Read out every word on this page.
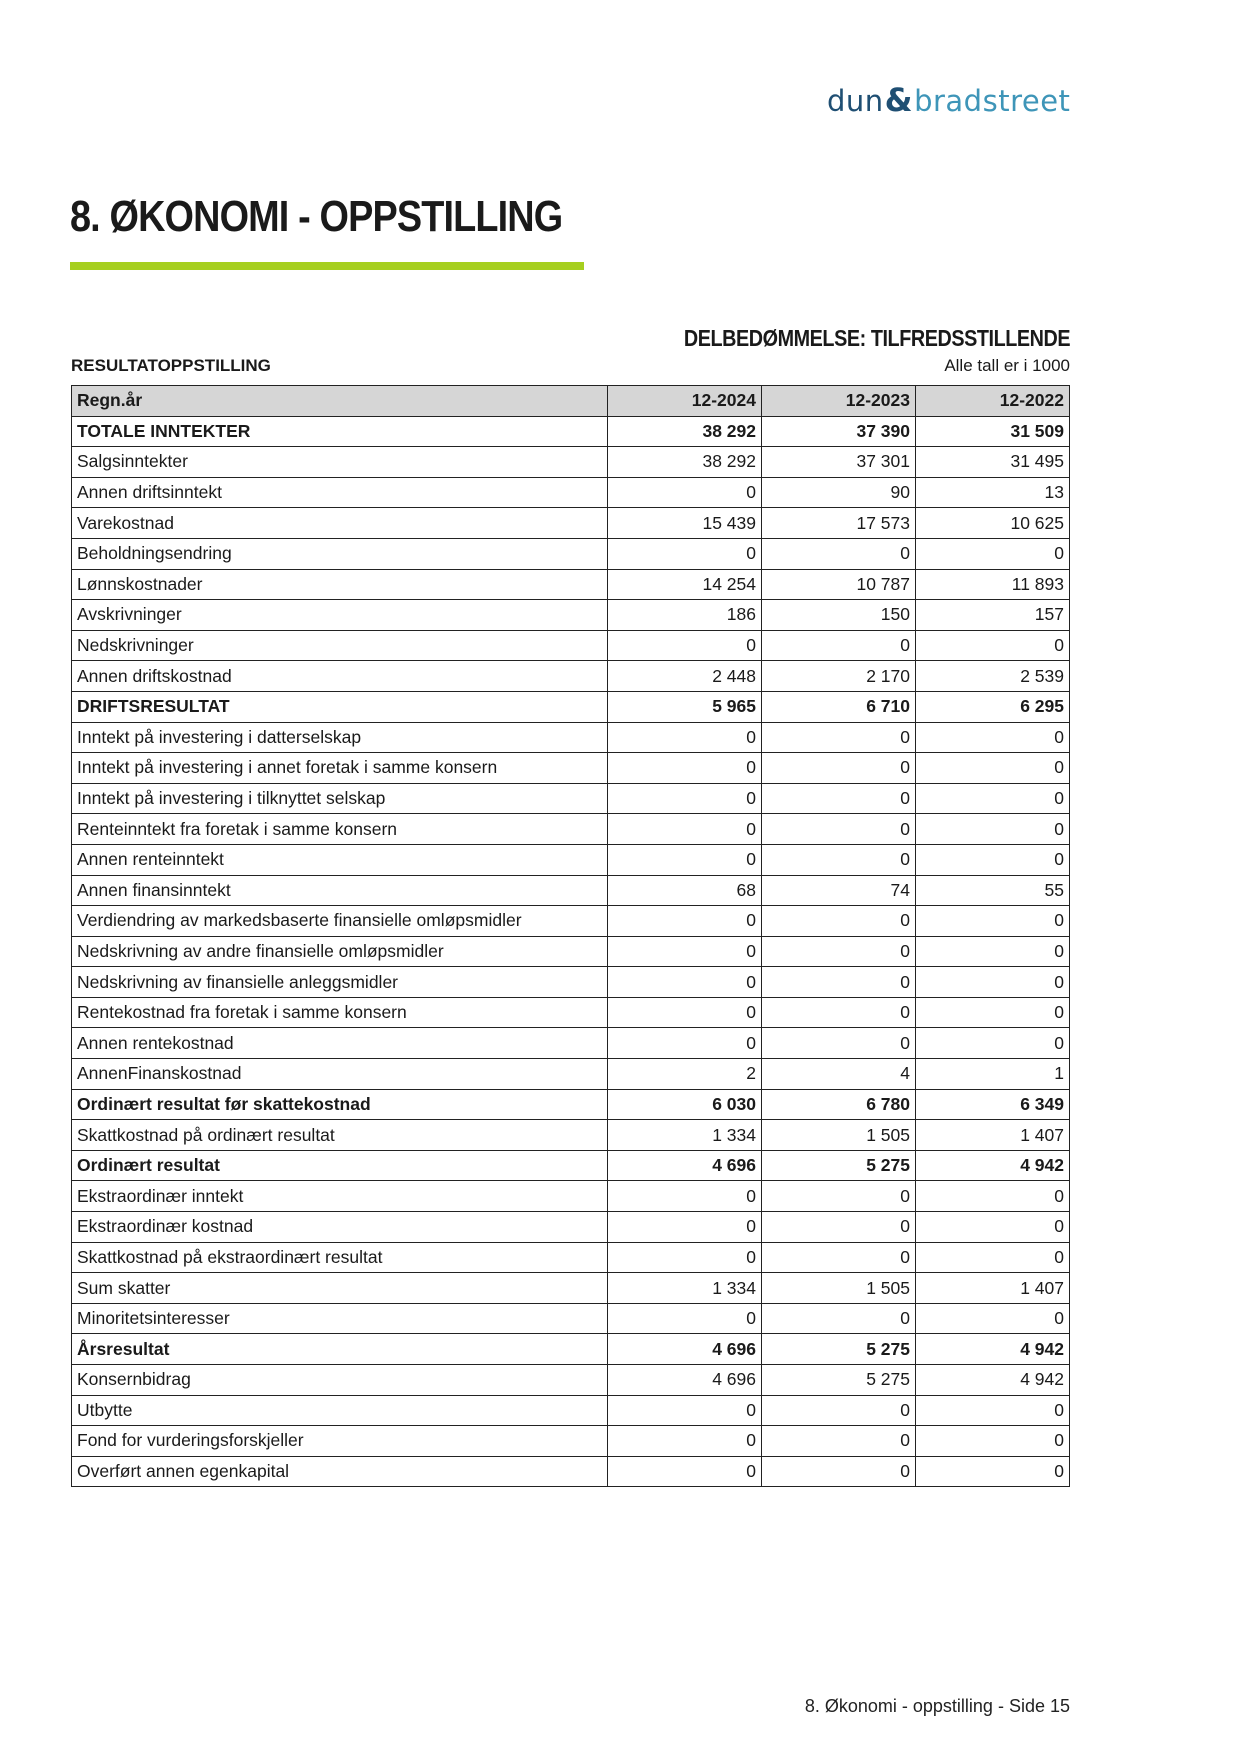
dun&bradstreet
8. ØKONOMI - OPPSTILLING
DELBEDØMMELSE: TILFREDSSTILLENDE
RESULTATOPPSTILLING	Alle tall er i 1000
Regn.år	12-2024	12-2023	12-2022
TOTALE INNTEKTER	38 292	37 390	31 509
Salgsinntekter	38 292	37 301	31 495
Annen driftsinntekt	0	90	13
Varekostnad	15 439	17 573	10 625
Beholdningsendring	0	0	0
Lønnskostnader	14 254	10 787	11 893
Avskrivninger	186	150	157
Nedskrivninger	0	0	0
Annen driftskostnad	2 448	2 170	2 539
DRIFTSRESULTAT	5 965	6 710	6 295
Inntekt på investering i datterselskap	0	0	0
Inntekt på investering i annet foretak i samme konsern	0	0	0
Inntekt på investering i tilknyttet selskap	0	0	0
Renteinntekt fra foretak i samme konsern	0	0	0
Annen renteinntekt	0	0	0
Annen finansinntekt	68	74	55
Verdiendring av markedsbaserte finansielle omløpsmidler	0	0	0
Nedskrivning av andre finansielle omløpsmidler	0	0	0
Nedskrivning av finansielle anleggsmidler	0	0	0
Rentekostnad fra foretak i samme konsern	0	0	0
Annen rentekostnad	0	0	0
AnnenFinanskostnad	2	4	1
Ordinært resultat før skattekostnad	6 030	6 780	6 349
Skattkostnad på ordinært resultat	1 334	1 505	1 407
Ordinært resultat	4 696	5 275	4 942
Ekstraordinær inntekt	0	0	0
Ekstraordinær kostnad	0	0	0
Skattkostnad på ekstraordinært resultat	0	0	0
Sum skatter	1 334	1 505	1 407
Minoritetsinteresser	0	0	0
Årsresultat	4 696	5 275	4 942
Konsernbidrag	4 696	5 275	4 942
Utbytte	0	0	0
Fond for vurderingsforskjeller	0	0	0
Overført annen egenkapital	0	0	0
8. Økonomi - oppstilling - Side 15
